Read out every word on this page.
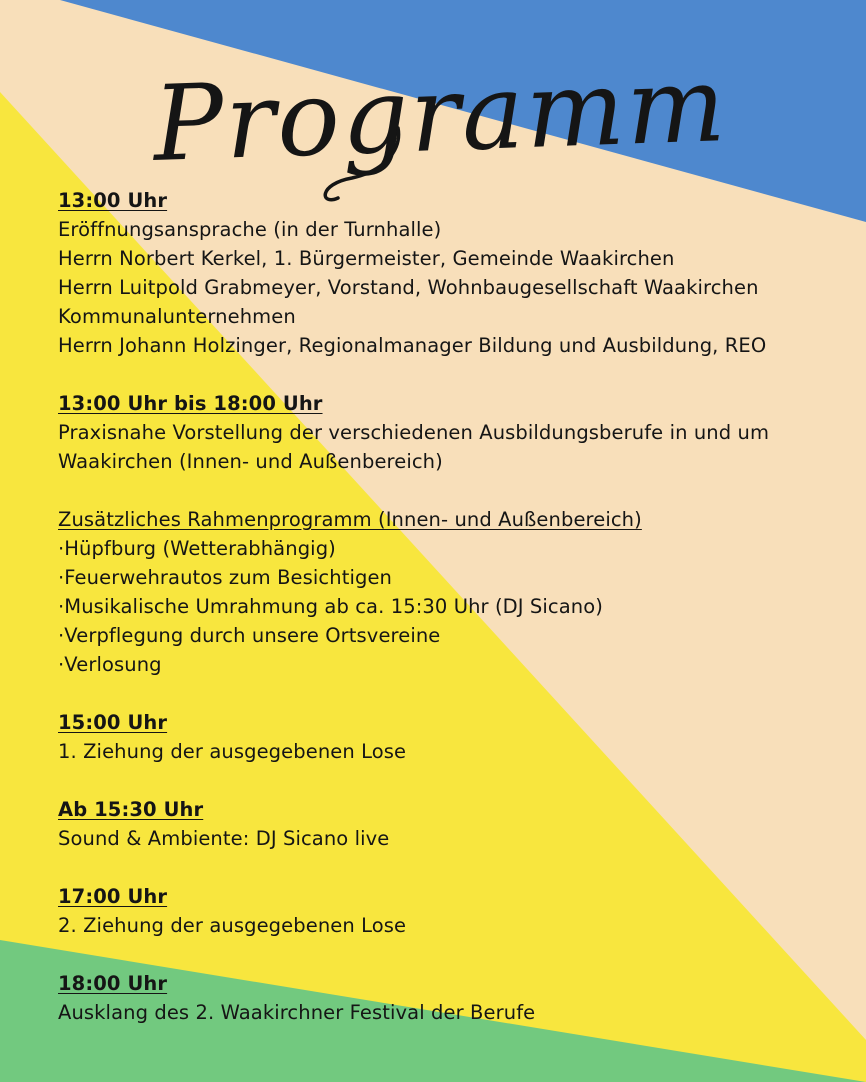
Programm
13:00 Uhr
Eröffnungsansprache (in der Turnhalle)
Herrn Norbert Kerkel, 1. Bürgermeister, Gemeinde Waakirchen
Herrn Luitpold Grabmeyer, Vorstand, Wohnbaugesellschaft Waakirchen
Kommunalunternehmen
Herrn Johann Holzinger, Regionalmanager Bildung und Ausbildung, REO
13:00 Uhr bis 18:00 Uhr
Praxisnahe Vorstellung der verschiedenen Ausbildungsberufe in und um
Waakirchen (Innen- und Außenbereich)
Zusätzliches Rahmenprogramm (Innen- und Außenbereich)
·Hüpfburg (Wetterabhängig)
·Feuerwehrautos zum Besichtigen
·Musikalische Umrahmung ab ca. 15:30 Uhr (DJ Sicano)
·Verpflegung durch unsere Ortsvereine
·Verlosung
15:00 Uhr
1. Ziehung der ausgegebenen Lose
Ab 15:30 Uhr
Sound & Ambiente: DJ Sicano live
17:00 Uhr
2. Ziehung der ausgegebenen Lose
18:00 Uhr
Ausklang des 2. Waakirchner Festival der Berufe
